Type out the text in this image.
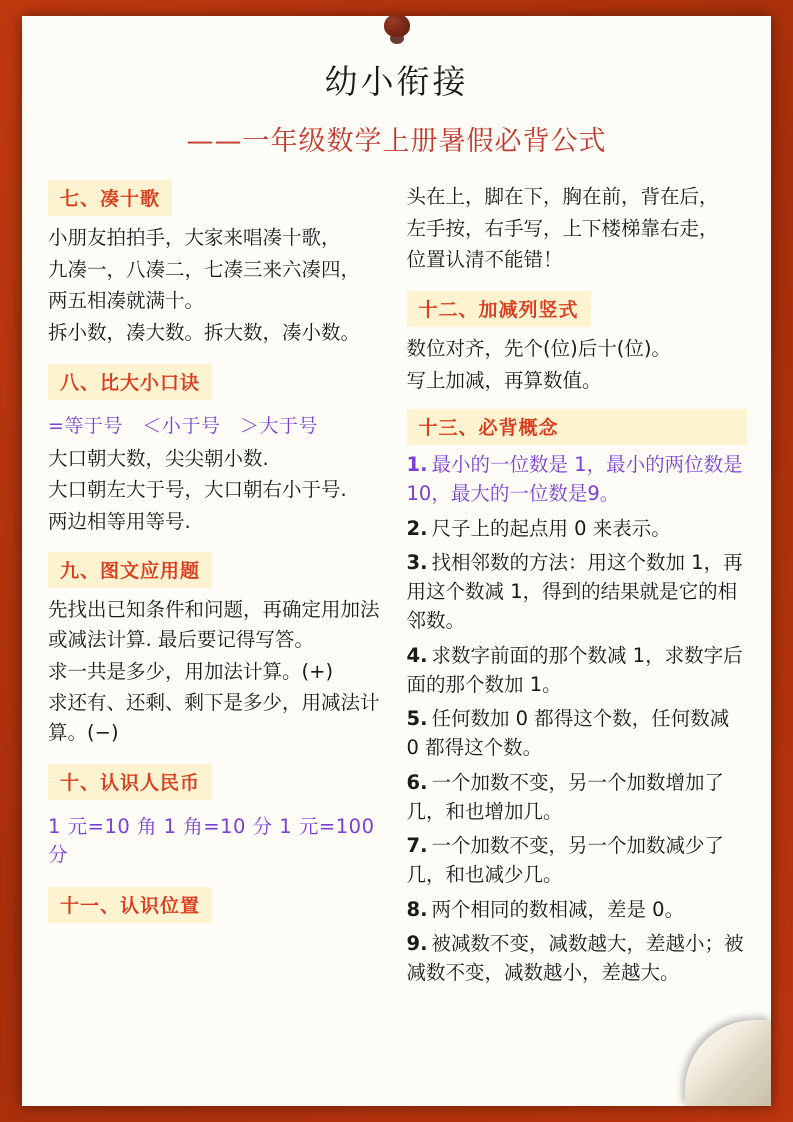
幼小衔接
——一年级数学上册暑假必背公式
七、凑十歌
小朋友拍拍手，大家来唱凑十歌，
九凑一，八凑二，七凑三来六凑四，
两五相凑就满十。
拆小数，凑大数。拆大数，凑小数。
八、比大小口诀
=等于号　＜小于号　＞大于号
大口朝大数，尖尖朝小数.
大口朝左大于号，大口朝右小于号.
两边相等用等号.
九、图文应用题
先找出已知条件和问题，再确定用加法或减法计算. 最后要记得写答。
求一共是多少，用加法计算。(+)
求还有、还剩、剩下是多少，用减法计算。(−)
十、认识人民币
1 元=10 角 1 角=10 分 1 元=100 分
十一、认识位置
头在上，脚在下，胸在前，背在后，
左手按，右手写，上下楼梯靠右走，
位置认清不能错！
十二、加减列竖式
数位对齐，先个(位)后十(位)。
写上加减，再算数值。
十三、必背概念
1. 最小的一位数是 1，最小的两位数是 10，最大的一位数是9。
2. 尺子上的起点用 0 来表示。
3. 找相邻数的方法：用这个数加 1，再用这个数减 1，得到的结果就是它的相邻数。
4. 求数字前面的那个数减 1，求数字后面的那个数加 1。
5. 任何数加 0 都得这个数，任何数减 0 都得这个数。
6. 一个加数不变，另一个加数增加了几，和也增加几。
7. 一个加数不变，另一个加数减少了几，和也减少几。
8. 两个相同的数相减，差是 0。
9. 被减数不变，减数越大，差越小；被减数不变，减数越小，差越大。
